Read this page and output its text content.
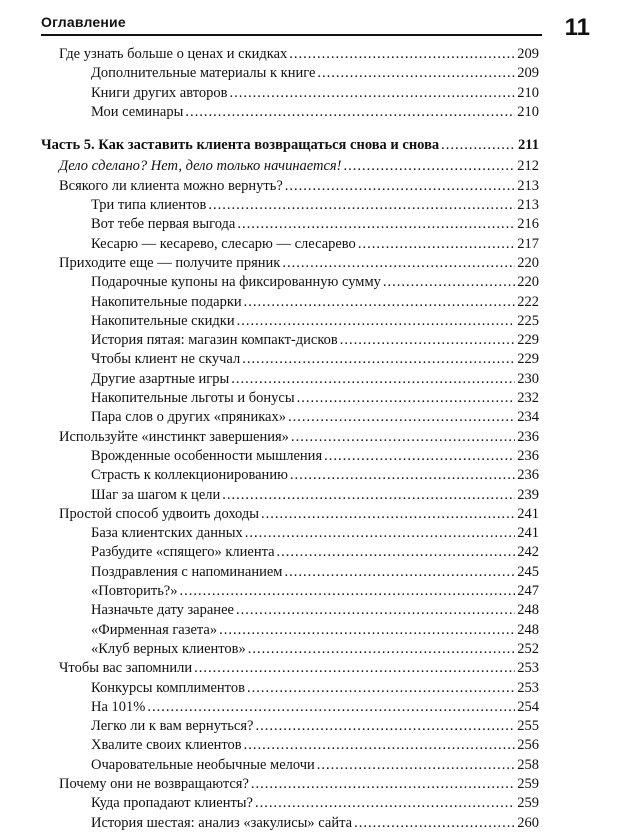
Оглавление	11
Где узнать больше о ценах и скидках .....	209
Дополнительные материалы к книге .....	209
Книги других авторов .....	210
Мои семинары .....	210
Часть 5. Как заставить клиента возвращаться снова и снова .....	211
Дело сделано? Нет, дело только начинается! .....	212
Всякого ли клиента можно вернуть? .....	213
Три типа клиентов .....	213
Вот тебе первая выгода .....	216
Кесарю — кесарево, слесарю — слесарево .....	217
Приходите еще — получите пряник .....	220
Подарочные купоны на фиксированную сумму .....	220
Накопительные подарки .....	222
Накопительные скидки .....	225
История пятая: магазин компакт-дисков .....	229
Чтобы клиент не скучал .....	229
Другие азартные игры .....	230
Накопительные льготы и бонусы .....	232
Пара слов о других «пряниках» .....	234
Используйте «инстинкт завершения» .....	236
Врожденные особенности мышления .....	236
Страсть к коллекционированию .....	236
Шаг за шагом к цели .....	239
Простой способ удвоить доходы .....	241
База клиентских данных .....	241
Разбудите «спящего» клиента .....	242
Поздравления с напоминанием .....	245
«Повторить?» .....	247
Назначьте дату заранее .....	248
«Фирменная газета» .....	248
«Клуб верных клиентов» .....	252
Чтобы вас запомнили .....	253
Конкурсы комплиментов .....	253
На 101% .....	254
Легко ли к вам вернуться? .....	255
Хвалите своих клиентов .....	256
Очаровательные необычные мелочи .....	258
Почему они не возвращаются? .....	259
Куда пропадают клиенты? .....	259
История шестая: анализ «закулисы» сайта .....	260
